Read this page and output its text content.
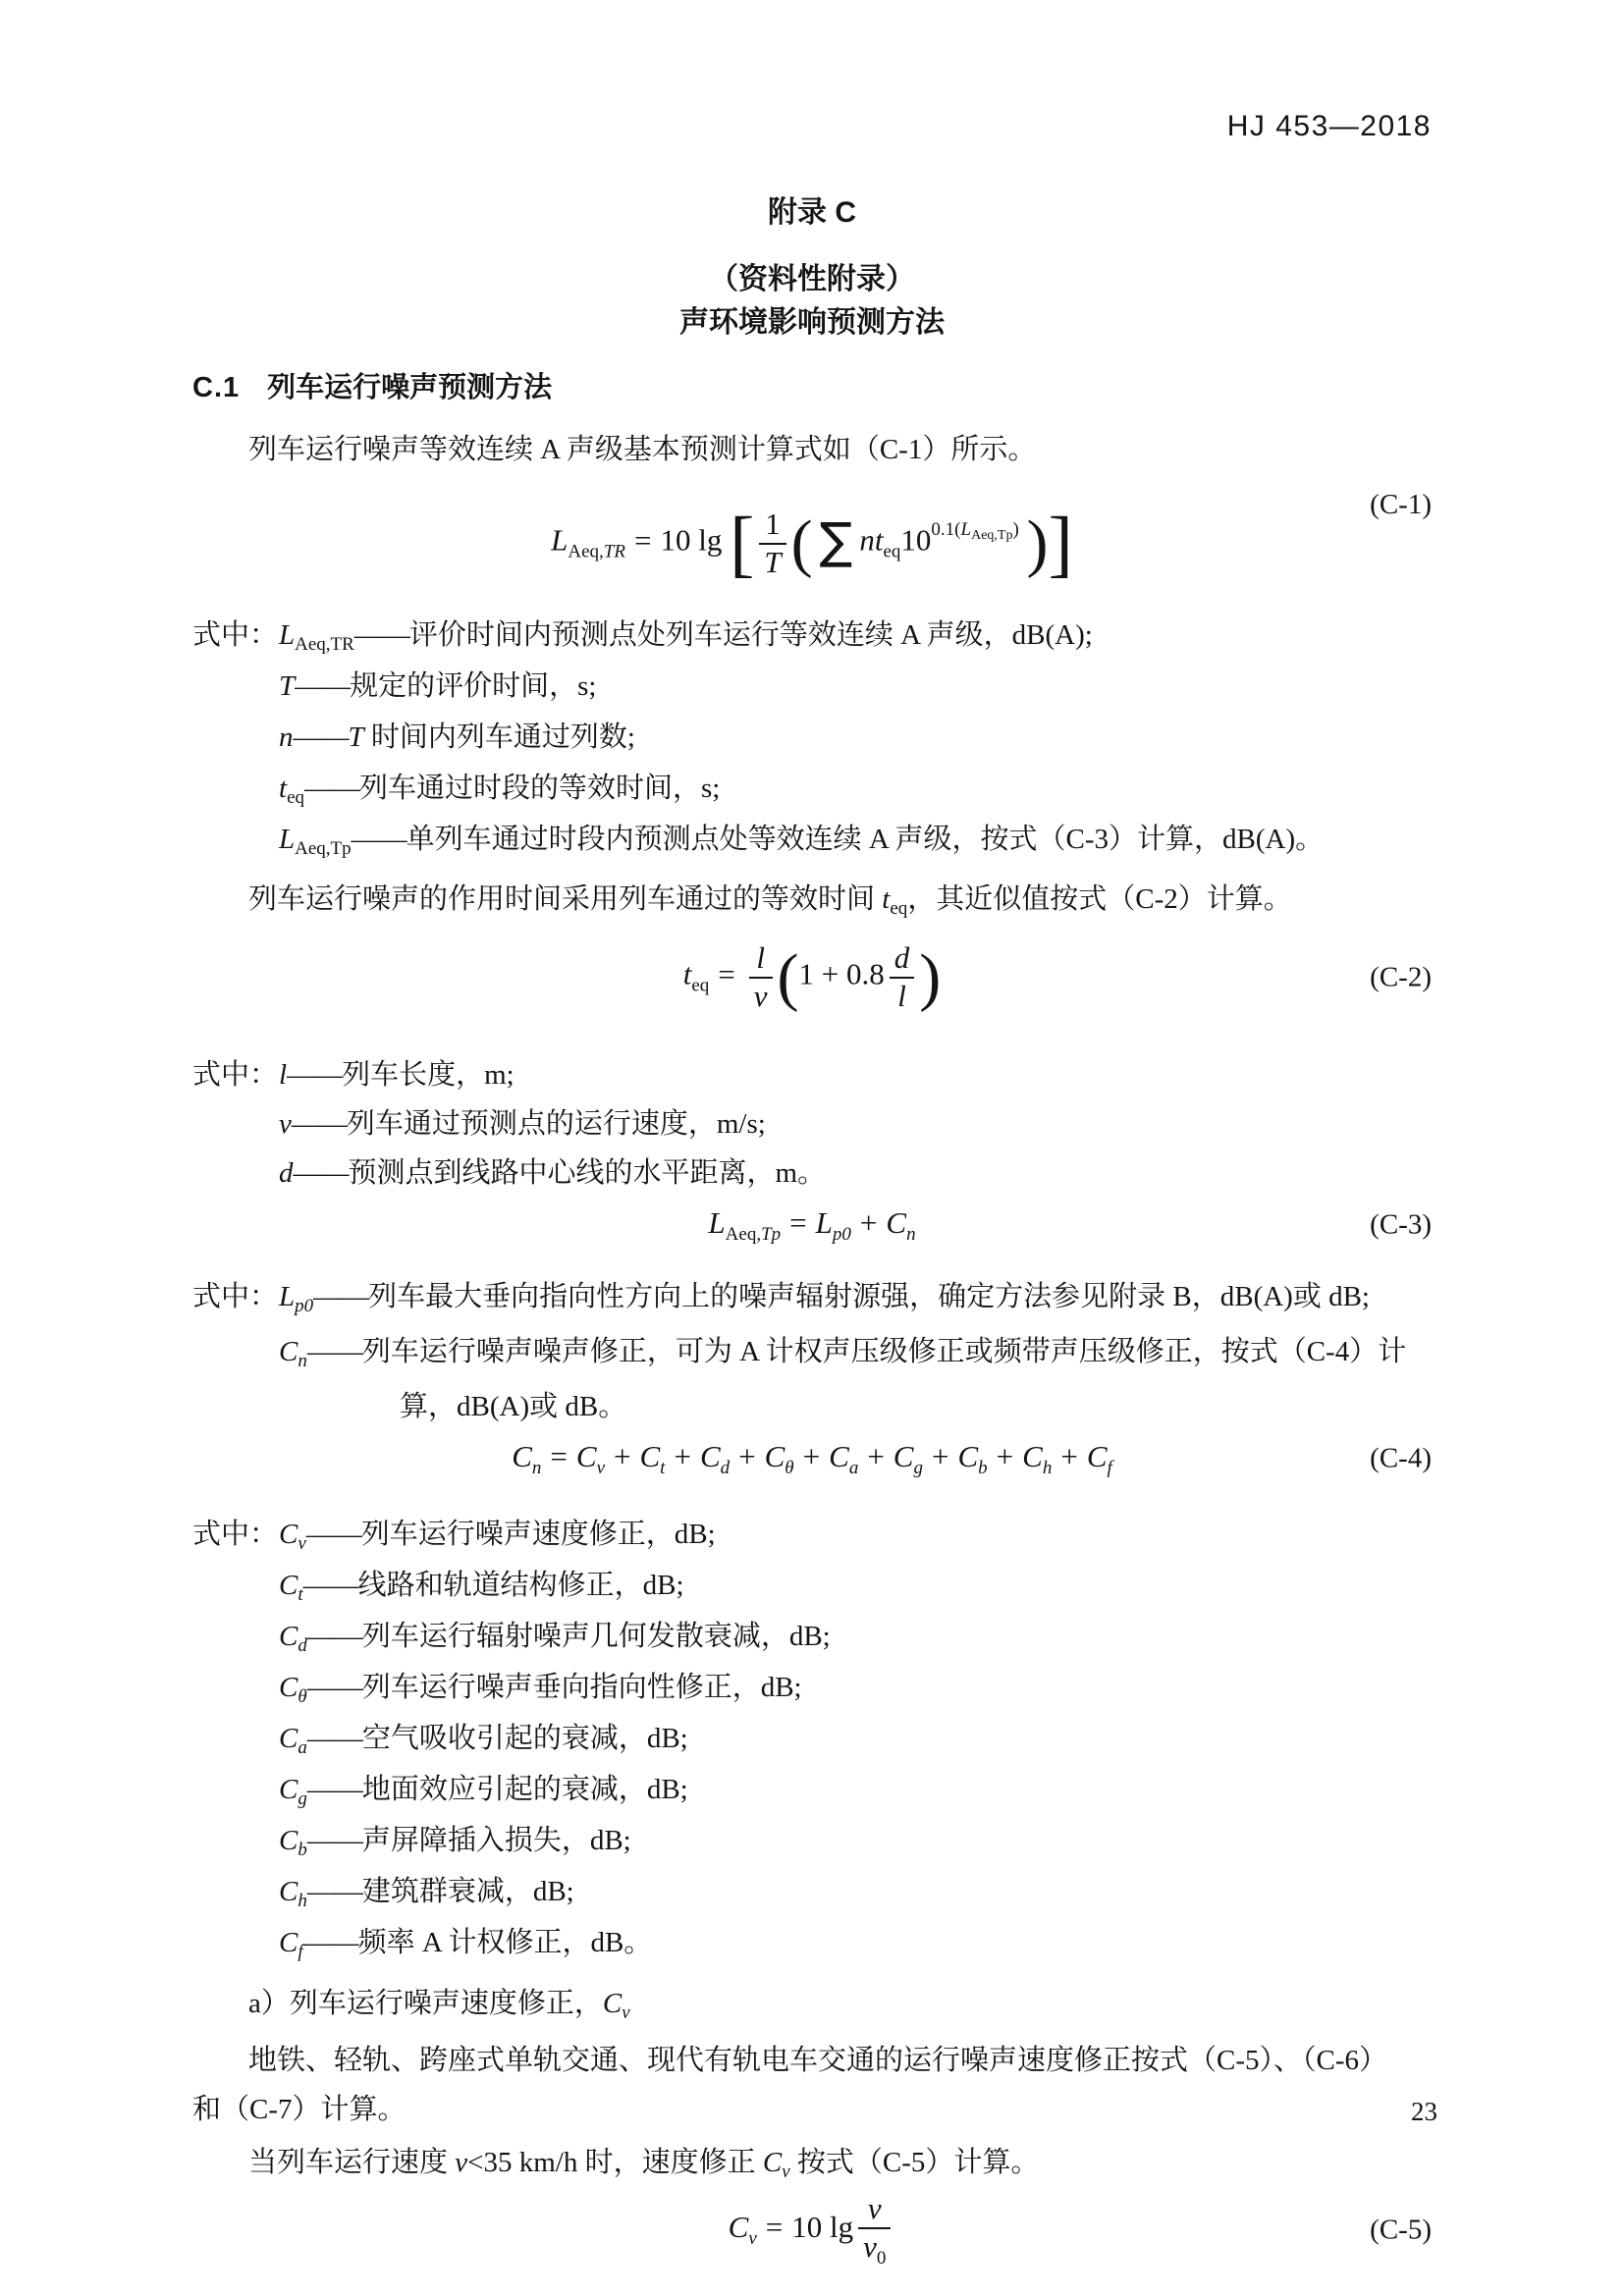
HJ 453—2018
附录 C
（资料性附录）
声环境影响预测方法
C.1 列车运行噪声预测方法

列车运行噪声等效连续 A 声级基本预测计算式如（C-1）所示。

$L_{Aeq,TR} = 10$ lg [ $\frac{1}{T}$ ( ∑ $nt_{eq}100.1(L_{Aeq,Tp})$ )]	(C-1)
式中：$L_{Aeq,TR}——$评价时间内预测点处列车运行等效连续 A 声级，dB(A);
T——规定的评价时间，s;
n——T 时间内列车通过列数;
$t_{eq}——$列车通过时段的等效时间，s;
$L_{Aeq,Tp}——$单列车通过时段内预测点处等效连续 A 声级，按式（C-3）计算，dB(A)。

列车运行噪声的作用时间采用列车通过的等效时间 $t_{eq}$，其近似值按式（C-2）计算。

$t_{eq} = \frac{l}{v} (1 + 0.8 \frac{d}{l}$ )	(C-2)
式中：l——列车长度，m;
v——列车通过预测点的运行速度，m/s;
d——预测点到线路中心线的水平距离，m。
$L_{Aeq,Tp} = L_{p0} + C_n$	(C-3)
式中：$L_{p0}——$列车最大垂向指向性方向上的噪声辐射源强，确定方法参见附录 B，dB(A)或 dB;
$C_n——$列车运行噪声噪声修正，可为 A 计权声压级修正或频带声压级修正，按式（C-4）计
算，dB(A)或 dB。
$C_n = C_v + C_t + C_d + C_\theta + C_a + C_g + C_b + C_h + C_f$	(C-4)
式中：$C_v——$列车运行噪声速度修正，dB;
$C_t——$线路和轨道结构修正，dB;
$C_d——$列车运行辐射噪声几何发散衰减，dB;
$C_\theta——$列车运行噪声垂向指向性修正，dB;
$C_a——$空气吸收引起的衰减，dB;
$C_g——$地面效应引起的衰减，dB;
$C_b——$声屏障插入损失，dB;
$C_h——$建筑群衰减，dB;
$C_f——$频率 A 计权修正，dB。

a）列车运行噪声速度修正，$C_v$

地铁、轻轨、跨座式单轨交通、现代有轨电车交通的运行噪声速度修正按式（C-5）、（C-6）

和（C-7）计算。

当列车运行速度 v<35 km/h 时，速度修正 $C_v$ 按式（C-5）计算。

$C_v = 10$ $\lg \frac{v}{v_0}$	(C-5)
23
